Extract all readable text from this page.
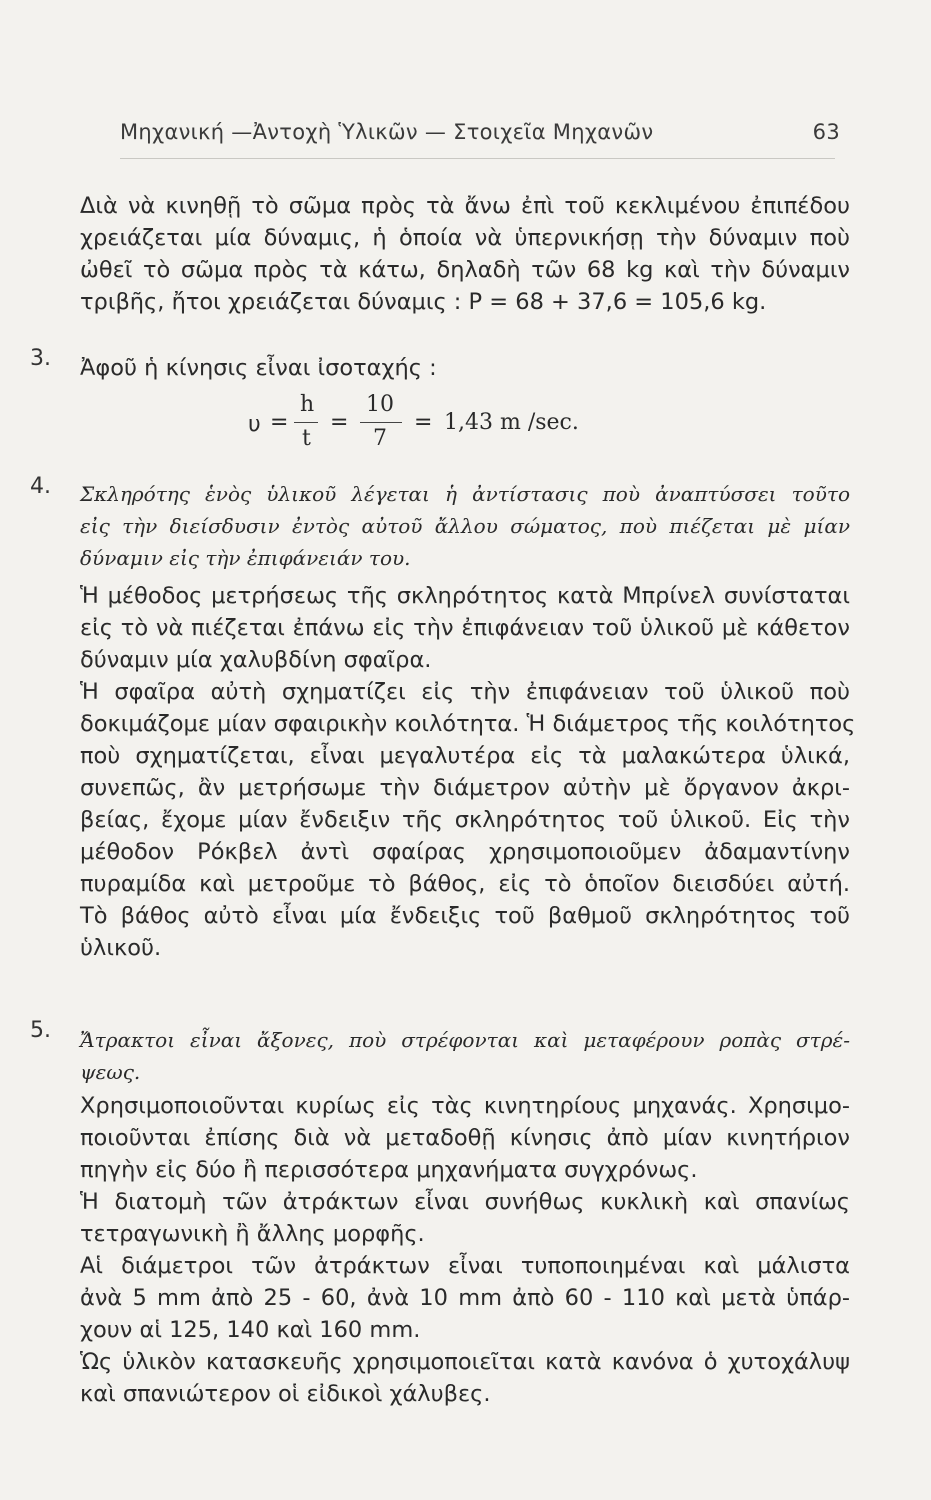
Μηχανική —Ἀντοχὴ Ὑλικῶν — Στοιχεῖα Μηχανῶν	63
Διὰ νὰ κινηθῇ τὸ σῶμα πρὸς τὰ ἄνω ἐπὶ τοῦ κεκλιμένου ἐπιπέδου
χρειάζεται μία δύναμις, ἡ ὁποία νὰ ὑπερνικήσῃ τὴν δύναμιν ποὺ
ὠθεῖ τὸ σῶμα πρὸς τὰ κάτω, δηλαδὴ τῶν 68 kg καὶ τὴν δύναμιν
τριβῆς, ἤτοι χρειάζεται δύναμις : P = 68 + 37,6 = 105,6 kg.
3. Ἀφοῦ ἡ κίνησις εἶναι ἰσοταχής :
υ =
h
t
=
10
7
= 1,43 m /sec.
4. Σκληρότης ἑνὸς ὑλικοῦ λέγεται ἡ ἀντίστασις ποὺ ἀναπτύσσει τοῦτο
εἰς τὴν διείσδυσιν ἐντὸς αὐτοῦ ἄλλου σώματος, ποὺ πιέζεται μὲ μίαν
δύναμιν εἰς τὴν ἐπιφάνειάν του.
Ἡ μέθοδος μετρήσεως τῆς σκληρότητος κατὰ Μπρίνελ συνίσταται
εἰς τὸ νὰ πιέζεται ἐπάνω εἰς τὴν ἐπιφάνειαν τοῦ ὑλικοῦ μὲ κάθετον
δύναμιν μία χαλυβδίνη σφαῖρα.
Ἡ σφαῖρα αὐτὴ σχηματίζει εἰς τὴν ἐπιφάνειαν τοῦ ὑλικοῦ ποὺ
δοκιμάζομε μίαν σφαιρικὴν κοιλότητα. Ἡ διάμετρος τῆς κοιλότητος
ποὺ σχηματίζεται, εἶναι μεγαλυτέρα εἰς τὰ μαλακώτερα ὑλικά,
συνεπῶς, ἂν μετρήσωμε τὴν διάμετρον αὐτὴν μὲ ὄργανον ἀκρι-
βείας, ἔχομε μίαν ἔνδειξιν τῆς σκληρότητος τοῦ ὑλικοῦ. Εἰς τὴν
μέθοδον Ρόκβελ ἀντὶ σφαίρας χρησιμοποιοῦμεν ἀδαμαντίνην
πυραμίδα καὶ μετροῦμε τὸ βάθος, εἰς τὸ ὁποῖον διεισδύει αὐτή.
Τὸ βάθος αὐτὸ εἶναι μία ἔνδειξις τοῦ βαθμοῦ σκληρότητος τοῦ
ὑλικοῦ.
5. Ἄτρακτοι εἶναι ἄξονες, ποὺ στρέφονται καὶ μεταφέρουν ροπὰς στρέ-
ψεως.
Χρησιμοποιοῦνται κυρίως εἰς τὰς κινητηρίους μηχανάς. Χρησιμο-
ποιοῦνται ἐπίσης διὰ νὰ μεταδοθῇ κίνησις ἀπὸ μίαν κινητήριον
πηγὴν εἰς δύο ἢ περισσότερα μηχανήματα συγχρόνως.
Ἡ διατομὴ τῶν ἀτράκτων εἶναι συνήθως κυκλικὴ καὶ σπανίως
τετραγωνικὴ ἢ ἄλλης μορφῆς.
Αἱ διάμετροι τῶν ἀτράκτων εἶναι τυποποιημέναι καὶ μάλιστα
ἀνὰ 5 mm ἀπὸ 25 - 60, ἀνὰ 10 mm ἀπὸ 60 - 110 καὶ μετὰ ὑπάρ-
χουν αἱ 125, 140 καὶ 160 mm.
Ὡς ὑλικὸν κατασκευῆς χρησιμοποιεῖται κατὰ κανόνα ὁ χυτοχάλυψ
καὶ σπανιώτερον οἱ εἰδικοὶ χάλυβες.
